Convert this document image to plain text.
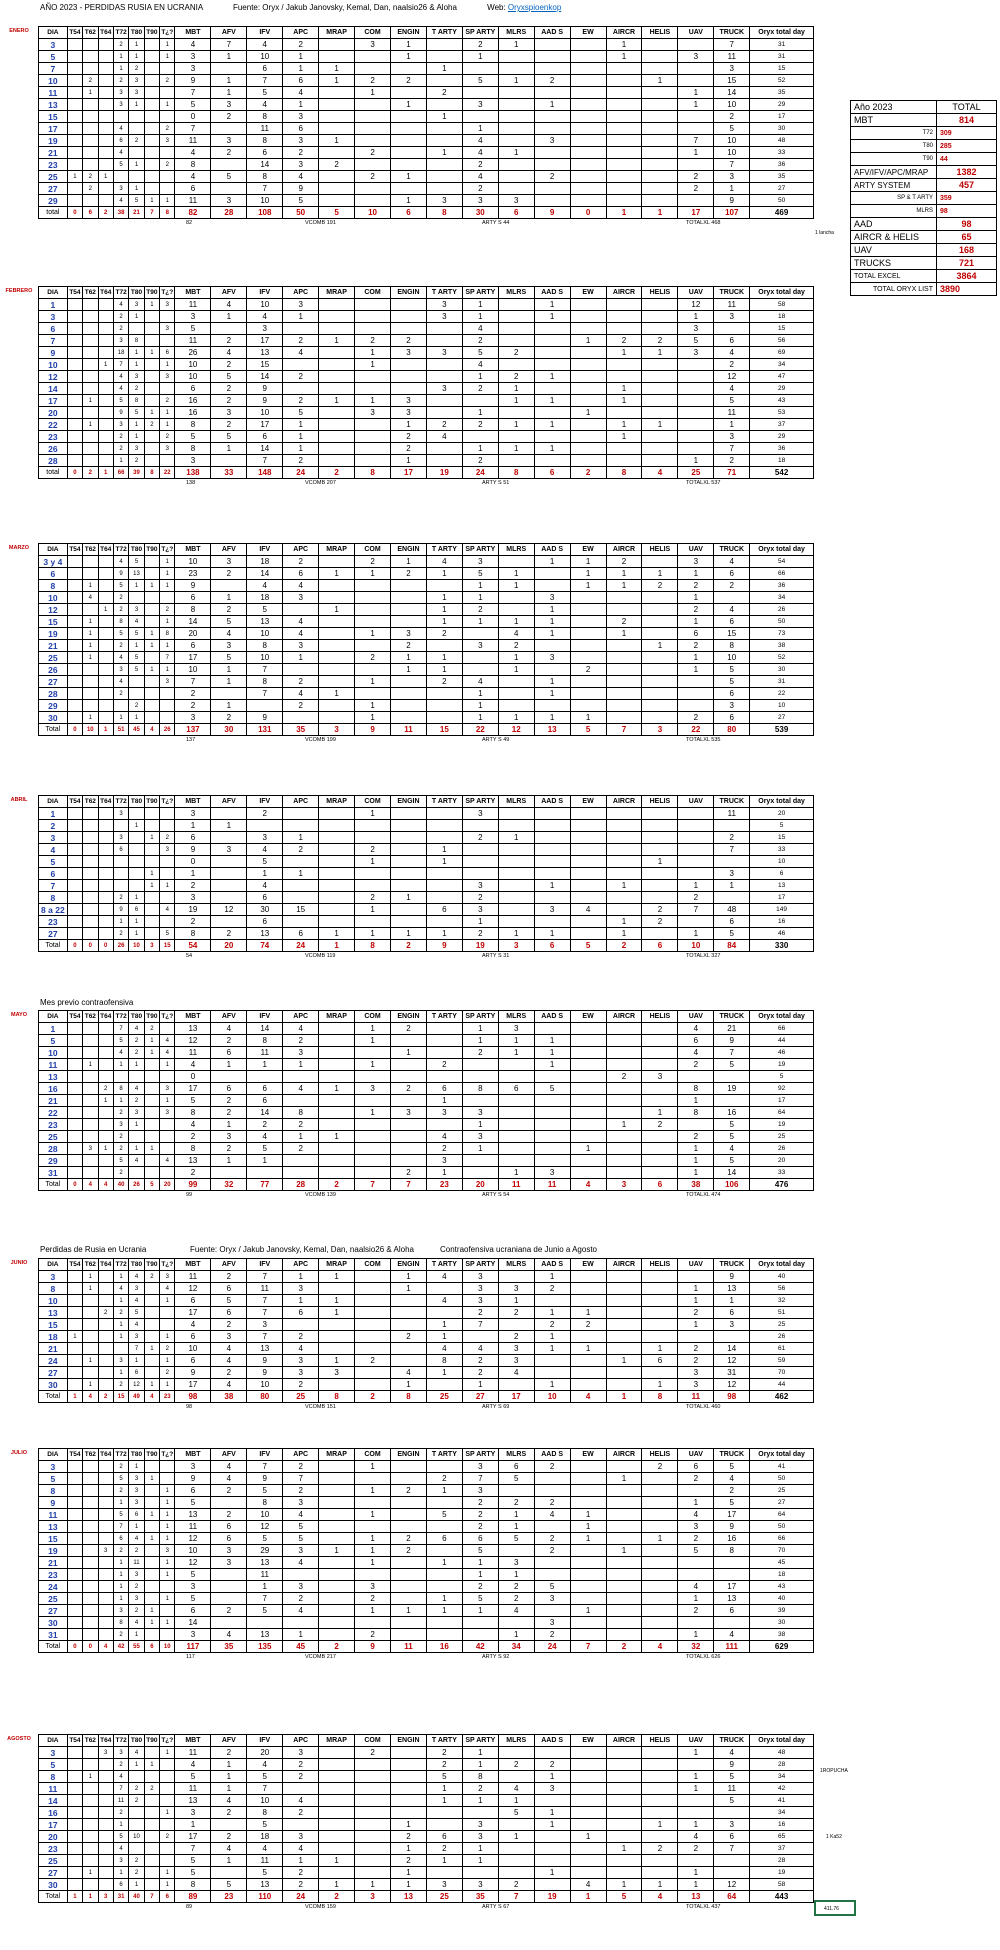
AÑO 2023 - PERDIDAS RUSIA EN UCRANIA	Fuente: Oryx / Jakub Janovsky, Kemal, Dan, naalsio26 & Aloha	Web: Oryxspioenkop
Año 2023	TOTAL
MBT	814
T72	309
T80	285
T90	44
AFV/IFV/APC/MRAP	1382
ARTY SYSTEM	457
SP & T ARTY	359
MLRS	98
AAD	98
AIRCR & HELIS	65
UAV	168
TRUCKS	721
TOTAL EXCEL	3864
TOTAL ORYX LIST	3890
Mes previo contraofensiva
Perdidas de Rusia en Ucrania	Fuente: Oryx / Jakub Janovsky, Kemal, Dan, naalsio26 & Aloha	Contraofensiva ucraniana de Junio a Agosto
1 lancha
1ROPUCHA
1 Ka52
411.76
ENERO	DIA	T54	T62	T64	T72	T80	T90	T¿?	MBT	AFV	IFV	APC	MRAP	COM	ENGIN	T ARTY	SP ARTY	MLRS	AAD S	EW	AIRCR	HELIS	UAV	TRUCK	Oryx total day
3				2	1		1	4	7	4	2		3	1		2	1			1			7	31
5				1	1		1	3	1	10	1			1		1				1		3	11	31
7				1	2			3		6	1	1			1								3	15
10		2		2	3		2	9	1	7	6	1	2	2		5	1	2			1		15	52
11		1		3	3			7	1	5	4		1		2							1	14	35
13				3	1		1	5	3	4	1			1		3		1				1	10	29
15								0	2	8	3				1								2	17
17				4			2	7		11	6					1							5	30
19				6	2		3	11	3	8	3	1				4		3				7	10	48
21				4				4	2	6	2		2		1	4	1					1	10	33
23				5	1		2	8		14	3	2				2							7	36
25	1	2	1					4	5	8	4		2	1		4		2				2	3	35
27		2		3	1			6		7	9					2						2	1	27
29				4	5	1	1	11	3	10	5			1	3	3	3						9	50
total	0	6	2	38	21	7	8	82	28	108	50	5	10	6	8	30	6	9	0	1	1	17	107	469
82	VCOMB 191	ARTY S 44	TOTALXL 468
FEBRERO	DIA	T54	T62	T64	T72	T80	T90	T¿?	MBT	AFV	IFV	APC	MRAP	COM	ENGIN	T ARTY	SP ARTY	MLRS	AAD S	EW	AIRCR	HELIS	UAV	TRUCK	Oryx total day
1				4	3	1	3	11	4	10	3				3	1		1				12	11	58
3				2	1			3	1	4	1				3	1		1				1	3	18
6				2			3	5		3						4						3		15
7				3	8			11	2	17	2	1	2	2		2			1	2	2	5	6	56
9				18	1	1	6	26	4	13	4		1	3	3	5	2			1	1	3	4	69
10			1	7	1		1	10	2	15			1			4							2	34
12				4	3		3	10	5	14	2					1	2	1					12	47
14				4	2			6	2	9					3	2	1			1			4	29
17		1		5	8		2	16	2	9	2	1	1	3			1	1		1			5	43
20				9	5	1	1	16	3	10	5		3	3		1			1				11	53
22		1		3	1	2	1	8	2	17	1			1	2	2	1	1		1	1		1	37
23				2	1		2	5	5	6	1			2	4					1			3	29
26				2	3		3	8	1	14	1			2		1	1	1					7	36
28				1	2			3		7	2			1		2						1	2	18
total	0	2	1	66	39	8	22	138	33	148	24	2	8	17	19	24	8	6	2	8	4	25	71	542
138	VCOMB 207	ARTY S 51	TOTALXL 537
MARZO	DIA	T54	T62	T64	T72	T80	T90	T¿?	MBT	AFV	IFV	APC	MRAP	COM	ENGIN	T ARTY	SP ARTY	MLRS	AAD S	EW	AIRCR	HELIS	UAV	TRUCK	Oryx total day
3 y 4				4	5		1	10	3	18	2		2	1	4	3		1	1	2		3	4	54
6				9	13		1	23	2	14	6	1	1	2	1	5	1		1	1	1	1	6	66
8		1		5	1	1	1	9		4	4					1	1		1	1	2	2	2	36
10		4		2				6	1	18	3				1	1		3				1		34
12			1	2	3		2	8	2	5		1			1	2		1				2	4	26
15		1		8	4		1	14	5	13	4				1	1	1	1		2		1	6	50
19		1		5	5	1	8	20	4	10	4		1	3	2		4	1		1		6	15	73
21		1		2	1	1	1	6	3	8	3			2		3	2				1	2	8	38
25		1		4	5		7	17	5	10	1		2	1	1		1	3				1	10	52
26				3	5	1	1	10	1	7				1	1		1		2			1	5	30
27				4			3	7	1	8	2		1		2	4		1					5	31
28				2				2		7	4	1				1		1					6	22
29					2			2	1		2		1			1							3	10
30		1		1	1			3	2	9			1			1	1	1	1			2	6	27
Total	0	10	1	51	45	4	26	137	30	131	35	3	9	11	15	22	12	13	5	7	3	22	80	539
137	VCOMB 199	ARTY S 49	TOTALXL 535
ABRIL	DIA	T54	T62	T64	T72	T80	T90	T¿?	MBT	AFV	IFV	APC	MRAP	COM	ENGIN	T ARTY	SP ARTY	MLRS	AAD S	EW	AIRCR	HELIS	UAV	TRUCK	Oryx total day
1				3				3		2			1			3							11	20
2					1			1	1															5
3				3		1	2	6		3	1					2	1						2	15
4				6			3	9	3	4	2		2		1								7	33
5								0		5			1		1						1			10
6						1		1		1	1												3	6
7						1	1	2		4						3		1		1		1	1	13
8				2	1			3		6			2	1		2						2		17
8 a 22				9	6		4	19	12	30	15		1		6	3		3	4		2	7	48	149
23				1	1			2		6						1				1	2		6	16
27				2	1		5	8	2	13	6	1	1	1	1	2	1	1		1		1	5	46
Total	0	0	0	26	10	3	15	54	20	74	24	1	8	2	9	19	3	6	5	2	6	10	84	330
54	VCOMB 119	ARTY S 31	TOTALXL 327
MAYO	DIA	T54	T62	T64	T72	T80	T90	T¿?	MBT	AFV	IFV	APC	MRAP	COM	ENGIN	T ARTY	SP ARTY	MLRS	AAD S	EW	AIRCR	HELIS	UAV	TRUCK	Oryx total day
1				7	4	2		13	4	14	4		1	2		1	3					4	21	66
5				5	2	1	4	12	2	8	2		1			1	1	1				6	9	44
10				4	2	1	4	11	6	11	3			1		2	1	1				4	7	46
11		1		1	1		1	4	1	1	1		1		2			1				2	5	19
13								0												2	3			5
16			2	8	4		3	17	6	6	4	1	3	2	6	8	6	5				8	19	92
21			1	1	2		1	5	2	6					1							1		17
22				2	3		3	8	2	14	8		1	3	3	3					1	8	16	64
23				3	1			4	1	2	2					1				1	2		5	19
25				2				2	3	4	1	1			4	3						2	5	25
28		3	1	2	1	1		8	2	5	2				2	1			1			1	4	26
29				5	4		4	13	1	1					3							1	5	20
31				2				2						2	1		1	3				1	14	33
Total	0	4	4	40	26	5	20	99	32	77	28	2	7	7	23	20	11	11	4	3	6	38	106	476
99	VCOMB 139	ARTY S 54	TOTALXL 474
JUNIO	DIA	T54	T62	T64	T72	T80	T90	T¿?	MBT	AFV	IFV	APC	MRAP	COM	ENGIN	T ARTY	SP ARTY	MLRS	AAD S	EW	AIRCR	HELIS	UAV	TRUCK	Oryx total day
3		1		1	4	2	3	11	2	7	1	1		1	4	3		1					9	40
8		1		4	3		4	12	6	11	3			1		3	3	2				1	13	56
10				1	4		1	6	5	7	1	1			4	3	1					1	1	32
13			2	2	5			17	6	7	6	1				2	2	1	1			2	6	51
15				1	4			4	2	3					1	7		2	2			1	3	25
18	1			1	3		1	6	3	7	2			2	1		2	1						26
21					7	1	2	10	4	13	4				4	4	3	1	1		1	2	14	61
24		1		3	1		1	6	4	9	3	1	2		8	2	3			1	6	2	12	59
27				1	6		2	9	2	9	3	3		4	1	2	4					3	31	70
30		1		2	12	1	1	17	4	10	2			1		1		1			1	3	12	44
Total	1	4	2	15	49	4	23	98	38	80	25	8	2	8	25	27	17	10	4	1	8	11	98	462
98	VCOMB 151	ARTY S 69	TOTALXL 460
JULIO	DIA	T54	T62	T64	T72	T80	T90	T¿?	MBT	AFV	IFV	APC	MRAP	COM	ENGIN	T ARTY	SP ARTY	MLRS	AAD S	EW	AIRCR	HELIS	UAV	TRUCK	Oryx total day
3				2	1			3	4	7	2		1			3	6	2			2	6	5	41
5				5	3	1		9	4	9	7				2	7	5			1		2	4	50
8				2	3		1	6	2	5	2		1	2	1	3							2	25
9				1	3		1	5		8	3					2	2	2				1	5	27
11				5	6	1	1	13	2	10	4		1		5	2	1	4	1			4	17	64
13				7	1		1	11	6	12	5					2	1		1			3	9	50
15				6	4	1	1	12	6	5	5		1	2	6	6	5	2	1		1	2	16	66
19			3	2	2		3	10	3	29	3	1	1	2		5		2		1		5	8	70
21				1	11		1	12	3	13	4		1		1	1	3							45
23				1	3		1	5		11						1	1							18
24				1	2			3		1	3		3			2	2	5				4	17	43
25				1	3		1	5		7	2		2		1	5	2	3				1	13	40
27				3	2	1		6	2	5	4		1	1	1	1	4		1			2	6	39
30				8	4	1	1	14										3						30
31				2	1			3	4	13	1		2				1	2				1	4	38
Total	0	0	4	42	55	6	10	117	35	135	45	2	9	11	16	42	34	24	7	2	4	32	111	629
117	VCOMB 217	ARTY S 92	TOTALXL 626
AGOSTO	DIA	T54	T62	T64	T72	T80	T90	T¿?	MBT	AFV	IFV	APC	MRAP	COM	ENGIN	T ARTY	SP ARTY	MLRS	AAD S	EW	AIRCR	HELIS	UAV	TRUCK	Oryx total day
3			3	3	4		1	11	2	20	3		2		2	1						1	4	48
5				2	1	1		4	1	4	2				2	1	2	2					9	28
8		1		4				5	1	5	2				5	8		1				1	5	34
11				7	2	2		11	1	7					1	2	4	3				1	11	42
14				11	2			13	4	10	4				1	1	1						5	41
16				2			1	3	2	8	2						5	1						34
17				1				1		5				1		3		1			1	1	3	16
20				5	10		2	17	2	18	3			2	6	3	1		1			4	6	65
23				4				7	4	4	4			1	2	1				1	2	2	7	37
25				3	2			5	1	11	1	1		2	1	1								28
27		1		1	2		1	5		5	2			1				1				1		19
30				6	1		1	8	5	13	2	1	1	1	3	3	2		4	1	1	1	12	58
Total	1	1	3	31	40	7	6	89	23	110	24	2	3	13	25	35	7	19	1	5	4	13	64	443
89	VCOMB 159	ARTY S 67	TOTALXL 437
